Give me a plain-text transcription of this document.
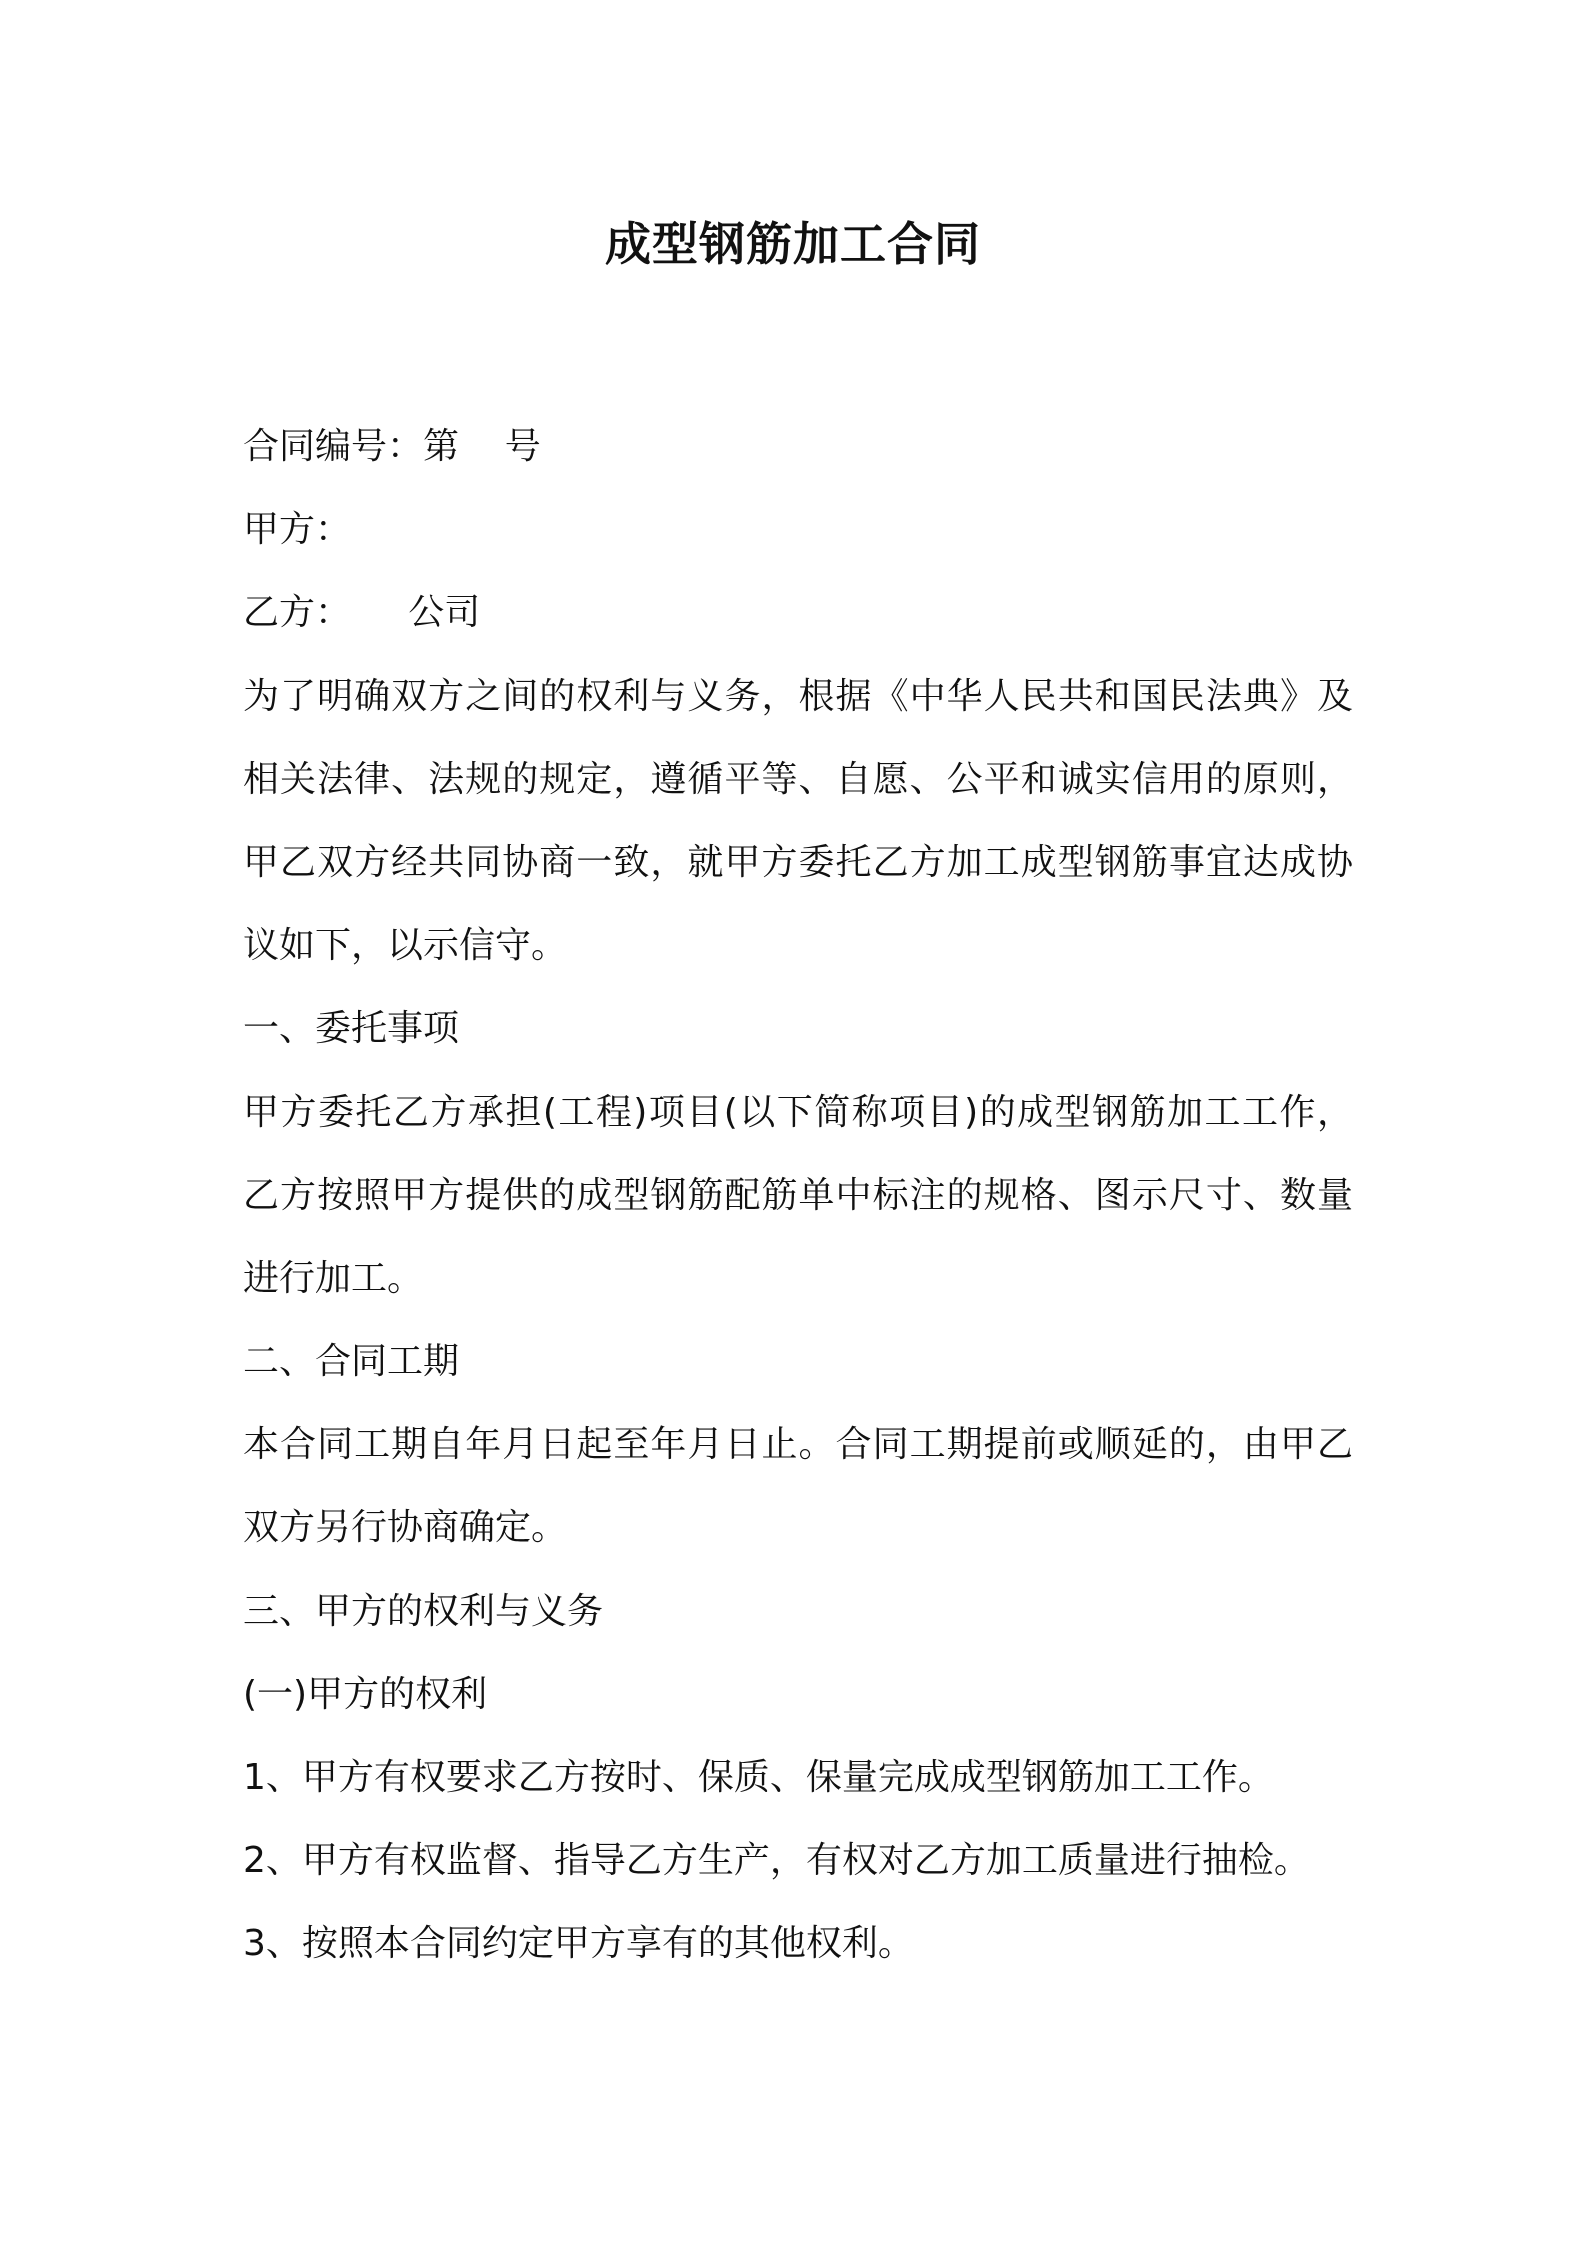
成型钢筋加工合同
合同编号：第    号
甲方：
乙方：     公司
为了明确双方之间的权利与义务，根据《中华人民共和国民法典》及
相关法律、法规的规定，遵循平等、自愿、公平和诚实信用的原则，
甲乙双方经共同协商一致，就甲方委托乙方加工成型钢筋事宜达成协
议如下，以示信守。
一、委托事项
甲方委托乙方承担(工程)项目(以下简称项目)的成型钢筋加工工作，
乙方按照甲方提供的成型钢筋配筋单中标注的规格、图示尺寸、数量
进行加工。
二、合同工期
本合同工期自年月日起至年月日止。合同工期提前或顺延的，由甲乙
双方另行协商确定。
三、甲方的权利与义务
(一)甲方的权利
1、甲方有权要求乙方按时、保质、保量完成成型钢筋加工工作。
2、甲方有权监督、指导乙方生产，有权对乙方加工质量进行抽检。
3、按照本合同约定甲方享有的其他权利。
